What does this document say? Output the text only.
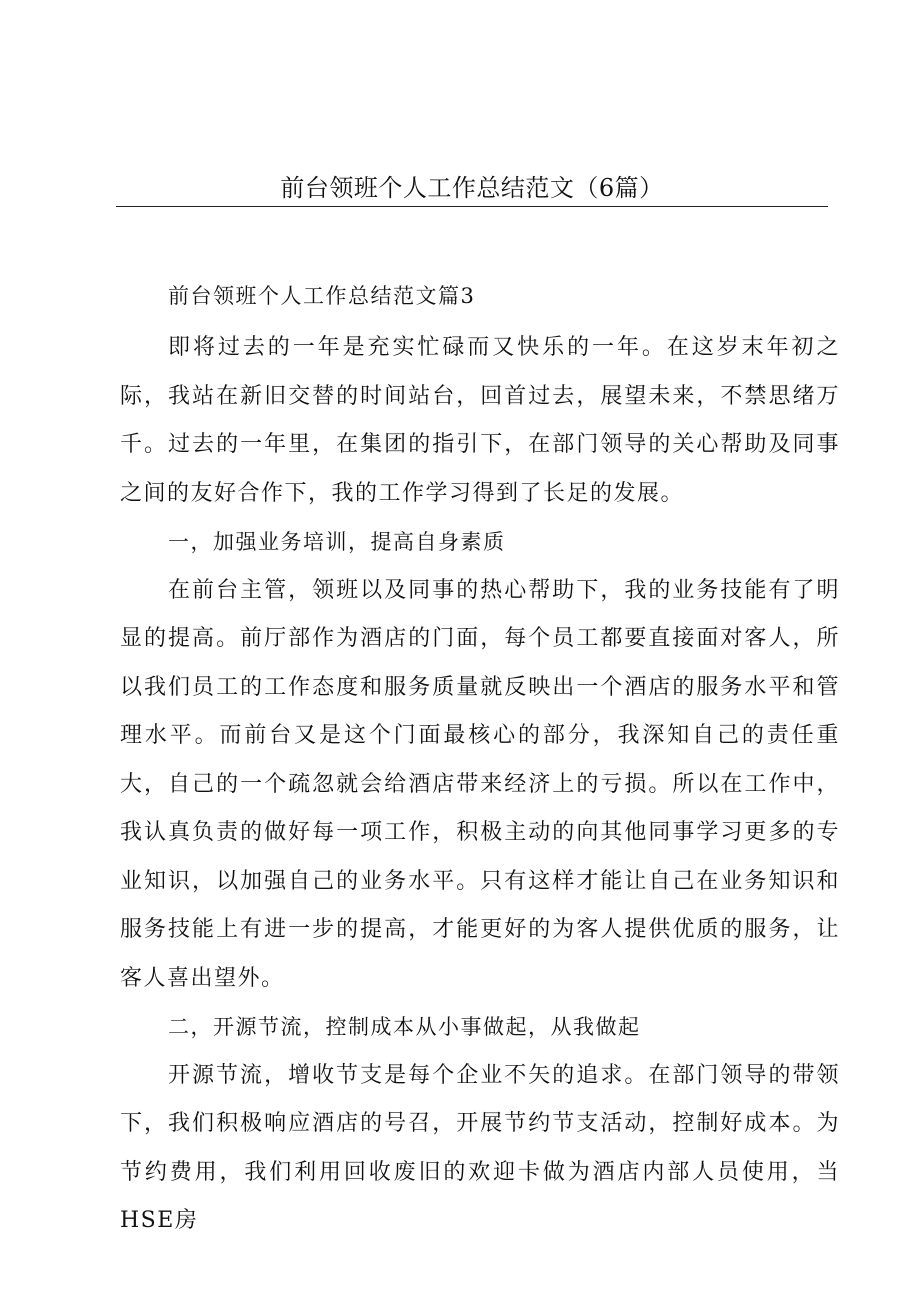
前台领班个人工作总结范文（6篇）

前台领班个人工作总结范文篇3

即将过去的一年是充实忙碌而又快乐的一年。在这岁末年初之际，我站在新旧交替的时间站台，回首过去，展望未来，不禁思绪万千。过去的一年里，在集团的指引下，在部门领导的关心帮助及同事之间的友好合作下，我的工作学习得到了长足的发展。

一，加强业务培训，提高自身素质

在前台主管，领班以及同事的热心帮助下，我的业务技能有了明显的提高。前厅部作为酒店的门面，每个员工都要直接面对客人，所以我们员工的工作态度和服务质量就反映出一个酒店的服务水平和管理水平。而前台又是这个门面最核心的部分，我深知自己的责任重大，自己的一个疏忽就会给酒店带来经济上的亏损。所以在工作中，我认真负责的做好每一项工作，积极主动的向其他同事学习更多的专业知识，以加强自己的业务水平。只有这样才能让自己在业务知识和服务技能上有进一步的提高，才能更好的为客人提供优质的服务，让客人喜出望外。

二，开源节流，控制成本从小事做起，从我做起

开源节流，增收节支是每个企业不矢的追求。在部门领导的带领下，我们积极响应酒店的号召，开展节约节支活动，控制好成本。为节约费用，我们利用回收废旧的欢迎卡做为酒店内部人员使用，当HSE房
